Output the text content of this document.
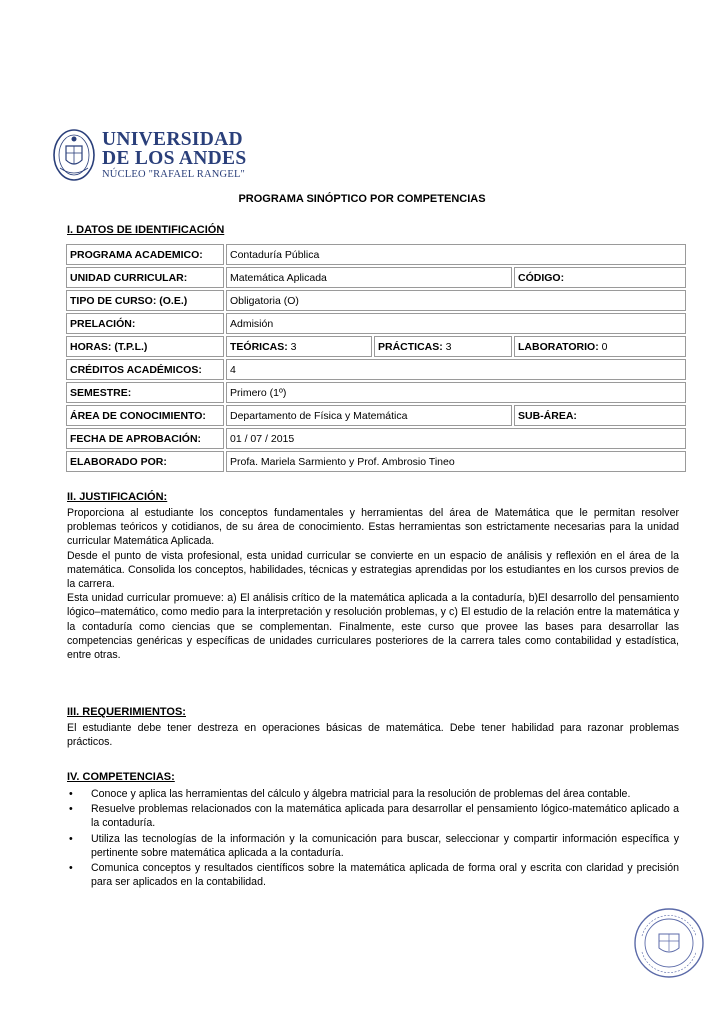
UNIVERSIDAD
DE LOS ANDES
NÚCLEO "RAFAEL RANGEL"
PROGRAMA SINÓPTICO POR COMPETENCIAS
I. DATOS DE IDENTIFICACIÓN
PROGRAMA ACADEMICO:	Contaduría Pública		
UNIDAD CURRICULAR:	Matemática Aplicada		CÓDIGO:
TIPO DE CURSO: (O.E.)	Obligatoria (O)		
PRELACIÓN:	Admisión		
HORAS: (T.P.L.)	TEÓRICAS: 3	PRÁCTICAS: 3	LABORATORIO: 0
CRÉDITOS ACADÉMICOS:	4		
SEMESTRE:	Primero (1º)		
ÁREA DE CONOCIMIENTO:	Departamento de Física y Matemática		SUB-ÁREA:
FECHA DE APROBACIÓN:	01 / 07 / 2015		
ELABORADO POR:	Profa. Mariela Sarmiento y Prof. Ambrosio Tineo		
II. JUSTIFICACIÓN:

Proporciona al estudiante los conceptos fundamentales y herramientas del área de Matemática que le permitan resolver problemas teóricos y cotidianos, de su área de conocimiento. Estas herramientas son estrictamente necesarias para la unidad curricular Matemática Aplicada.

Desde el punto de vista profesional, esta unidad curricular se convierte en un espacio de análisis y reflexión en el área de la matemática. Consolida los conceptos, habilidades, técnicas y estrategias aprendidas por los estudiantes en los cursos previos de la carrera.

Esta unidad curricular promueve: a) El análisis crítico de la matemática aplicada a la contaduría, b)El desarrollo del pensamiento lógico–matemático, como medio para la interpretación y resolución problemas, y c) El estudio de la relación entre la matemática y la contaduría como ciencias que se complementan. Finalmente, este curso que provee las bases para desarrollar las competencias genéricas y específicas de unidades curriculares posteriores de la carrera tales como contabilidad y estadística, entre otras.

III. REQUERIMIENTOS:

El estudiante debe tener destreza en operaciones básicas de matemática. Debe tener habilidad para razonar problemas prácticos.

IV. COMPETENCIAS:
• Conoce y aplica las herramientas del cálculo y álgebra matricial para la resolución de problemas del área contable.
• Resuelve problemas relacionados con la matemática aplicada para desarrollar el pensamiento lógico-matemático aplicado a la contaduría.
• Utiliza las tecnologías de la información y la comunicación para buscar, seleccionar y compartir información específica y pertinente sobre matemática aplicada a la contaduría.
• Comunica conceptos y resultados científicos sobre la matemática aplicada de forma oral y escrita con claridad y precisión para ser aplicados en la contabilidad.
